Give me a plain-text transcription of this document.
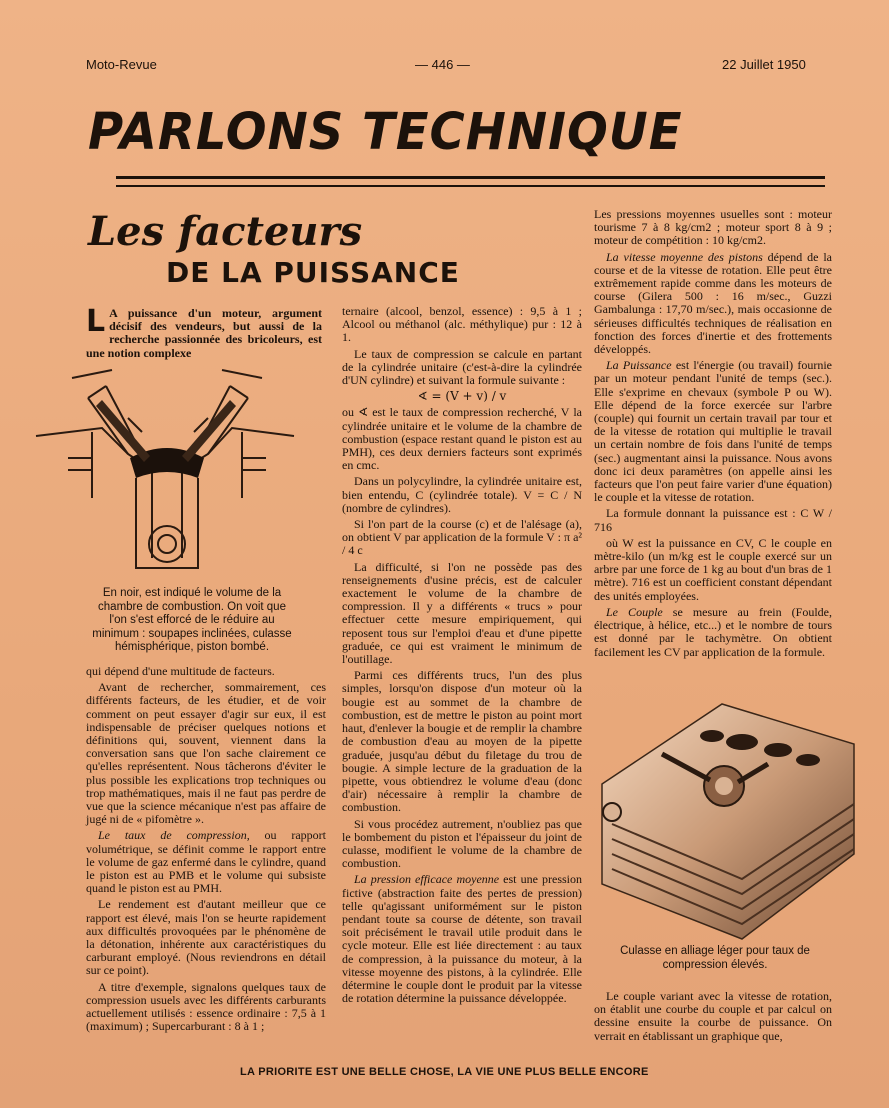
Moto-Revue	— 446 —	22 Juillet 1950
PARLONS TECHNIQUE
Les facteurs
DE LA PUISSANCE
L A puissance d'un moteur, argument décisif des vendeurs, but aussi de la recherche passionnée des bricoleurs, est une notion complexe
En noir, est indiqué le volume de la chambre de combustion. On voit que l'on s'est efforcé de le réduire au minimum : soupapes inclinées, culasse hémisphérique, piston bombé.

qui dépend d'une multitude de facteurs.

Avant de rechercher, sommairement, ces différents facteurs, de les étudier, et de voir comment on peut essayer d'agir sur eux, il est indispensable de préciser quelques notions et définitions qui, souvent, viennent dans la conversation sans que l'on sache clairement ce qu'elles représentent. Nous tâcherons d'éviter le plus possible les explications trop techniques ou trop mathématiques, mais il ne faut pas perdre de vue que la science mécanique n'est pas affaire de jugé ni de « pifomètre ».

Le taux de compression, ou rapport volumétrique, se définit comme le rapport entre le volume de gaz enfermé dans le cylindre, quand le piston est au PMB et le volume qui subsiste quand le piston est au PMH.

Le rendement est d'autant meilleur que ce rapport est élevé, mais l'on se heurte rapidement aux difficultés provoquées par le phénomène de la détonation, inhérente aux caractéristiques du carburant employé. (Nous reviendrons en détail sur ce point).

A titre d'exemple, signalons quelques taux de compression usuels avec les différents carburants actuellement utilisés : essence ordinaire : 7,5 à 1 (maximum) ; Supercarburant : 8 à 1 ;

ternaire (alcool, benzol, essence) : 9,5 à 1 ; Alcool ou méthanol (alc. méthylique) pur : 12 à 1.

Le taux de compression se calcule en partant de la cylindrée unitaire (c'est-à-dire la cylindrée d'UN cylindre) et suivant la formule suivante :

∢ = (V + v) / v

ou ∢ est le taux de compression recherché, V la cylindrée unitaire et le volume de la chambre de combustion (espace restant quand le piston est au PMH), ces deux derniers facteurs sont exprimés en cmc.

Dans un polycylindre, la cylindrée unitaire est, bien entendu, C (cylindrée totale). V = C / N (nombre de cylindres).

Si l'on part de la course (c) et de l'alésage (a), on obtient V par application de la formule V : π a² / 4 c

La difficulté, si l'on ne possède pas des renseignements d'usine précis, est de calculer exactement le volume de la chambre de compression. Il y a différents « trucs » pour effectuer cette mesure empiriquement, qui reposent tous sur l'emploi d'eau et d'une pipette graduée, ce qui est vraiment le minimum de l'outillage.

Parmi ces différents trucs, l'un des plus simples, lorsqu'on dispose d'un moteur où la bougie est au sommet de la chambre de combustion, est de mettre le piston au point mort haut, d'enlever la bougie et de remplir la chambre de combustion d'eau au moyen de la pipette graduée, jusqu'au début du filetage du trou de bougie. A simple lecture de la graduation de la pipette, vous obtiendrez le volume d'eau (donc d'air) nécessaire à remplir la chambre de combustion.

Si vous procédez autrement, n'oubliez pas que le bombement du piston et l'épaisseur du joint de culasse, modifient le volume de la chambre de combustion.

La pression efficace moyenne est une pression fictive (abstraction faite des pertes de pression) telle qu'agissant uniformément sur le piston pendant toute sa course de détente, son travail soit précisément le travail utile produit dans le cycle moteur. Elle est liée directement : au taux de compression, à la puissance du moteur, à la vitesse moyenne des pistons, à la cylindrée. Elle détermine le couple dont le produit par la vitesse de rotation détermine la puissance développée.

Les pressions moyennes usuelles sont : moteur tourisme 7 à 8 kg/cm2 ; moteur sport 8 à 9 ; moteur de compétition : 10 kg/cm2.

La vitesse moyenne des pistons dépend de la course et de la vitesse de rotation. Elle peut être extrêmement rapide comme dans les moteurs de course (Gilera 500 : 16 m/sec., Guzzi Gambalunga : 17,70 m/sec.), mais occasionne de sérieuses difficultés techniques de réalisation en fonction des forces d'inertie et des frottements développés.

La Puissance est l'énergie (ou travail) fournie par un moteur pendant l'unité de temps (sec.). Elle s'exprime en chevaux (symbole P ou W). Elle dépend de la force exercée sur l'arbre (couple) qui fournit un certain travail par tour et de la vitesse de rotation qui multiplie le travail un certain nombre de fois dans l'unité de temps (sec.) augmentant ainsi la puissance. Nous avons donc ici deux paramètres (on appelle ainsi les facteurs que l'on peut faire varier d'une équation) le couple et la vitesse de rotation.

La formule donnant la puissance est : C W / 716

où W est la puissance en CV, C le couple en mètre-kilo (un m/kg est le couple exercé sur un arbre par une force de 1 kg au bout d'un bras de 1 mètre). 716 est un coefficient constant dépendant des unités employées.

Le Couple se mesure au frein (Foulde, électrique, à hélice, etc...) et le nombre de tours est donné par le tachymètre. On obtient facilement les CV par application de la formule.

Culasse en alliage léger pour taux de compression élevés.

Le couple variant avec la vitesse de rotation, on établit une courbe du couple et par calcul on dessine ensuite la courbe de puissance. On verrait en établissant un graphique que,

LA PRIORITE EST UNE BELLE CHOSE, LA VIE UNE PLUS BELLE ENCORE
